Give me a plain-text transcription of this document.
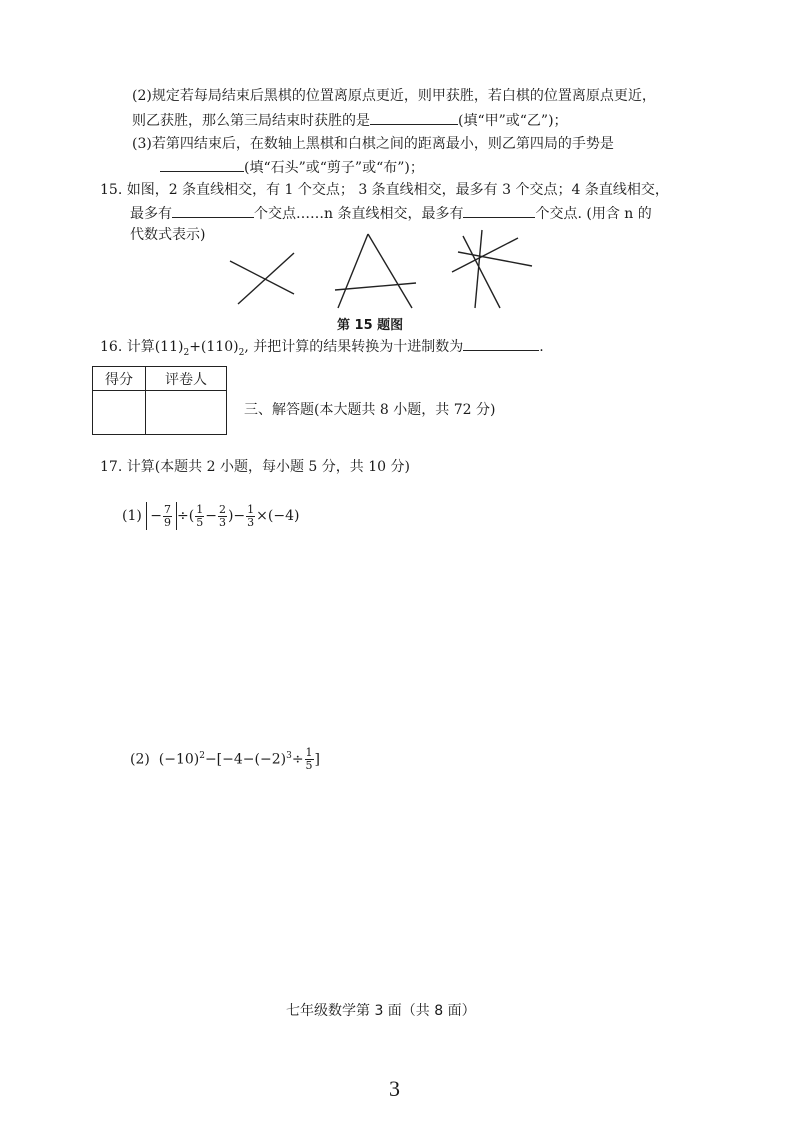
(2)规定若每局结束后黑棋的位置离原点更近，则甲获胜，若白棋的位置离原点更近，
则乙获胜，那么第三局结束时获胜的是	(填“甲”或“乙”)；
(3)若第四结束后，在数轴上黑棋和白棋之间的距离最小，则乙第四局的手势是
(填“石头”或“剪子”或“布”)；
15. 如图，2 条直线相交，有 1 个交点； 3 条直线相交，最多有 3 个交点；4 条直线相交，
最多有	个交点……n 条直线相交，最多有	个交点. (用含 n 的
代数式表示)
第 15 题图
16. 计算$(11)_2+(110)_2$, 并把计算的结果转换为十进制数为	.
得分	评卷人

三、解答题(本大题共 8 小题，共 72 分)
17. 计算(本题共 2 小题，每小题 5 分，共 10 分)
$(1) - \frac{7}{9}$ ÷( $\frac{1}{5} - \frac{2}{3}$ )− $\frac{1}{3} \times(-4)$
(2) $(-10)^2-[-4-(-2)^3\div \frac{1}{5}$ ]
七年级数学第 3 面（共 8 面）
3
